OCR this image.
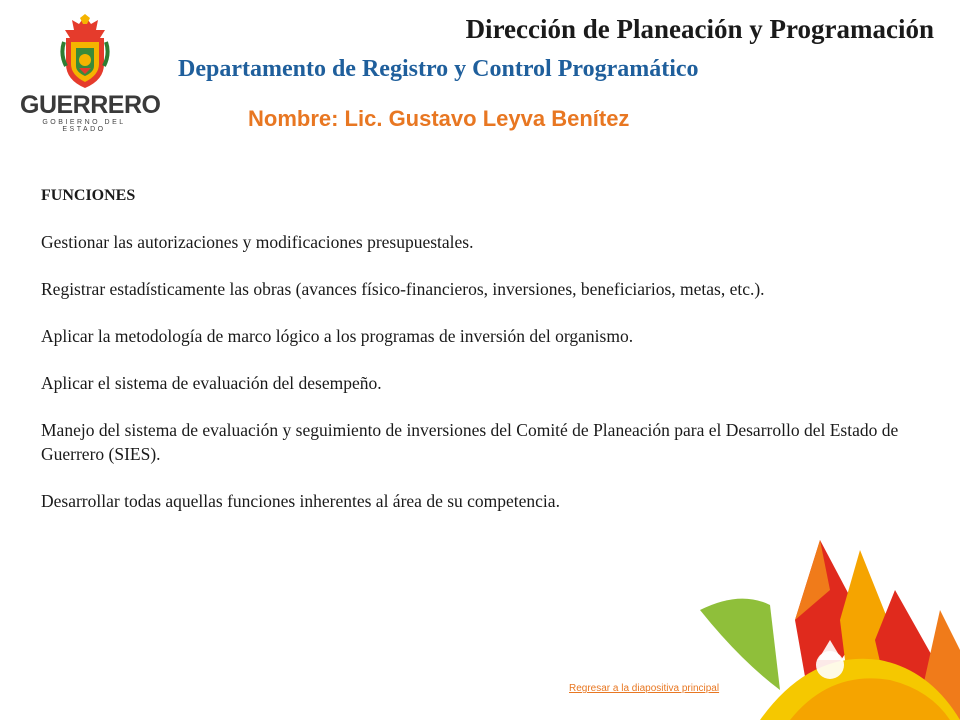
GUERRERO
GOBIERNO DEL ESTADO
Dirección de Planeación y Programación
Departamento de Registro y Control Programático
Nombre: Lic. Gustavo Leyva Benítez
FUNCIONES

Gestionar las autorizaciones y modificaciones presupuestales.

Registrar estadísticamente las obras (avances físico-financieros, inversiones, beneficiarios, metas, etc.).

Aplicar la metodología de marco lógico a los programas de inversión del organismo.

Aplicar el sistema de evaluación del desempeño.

Manejo del sistema de evaluación y seguimiento de inversiones del Comité de Planeación para el Desarrollo del Estado de Guerrero (SIES).

Desarrollar todas aquellas funciones inherentes al área de su competencia.

Regresar a la diapositiva principal
